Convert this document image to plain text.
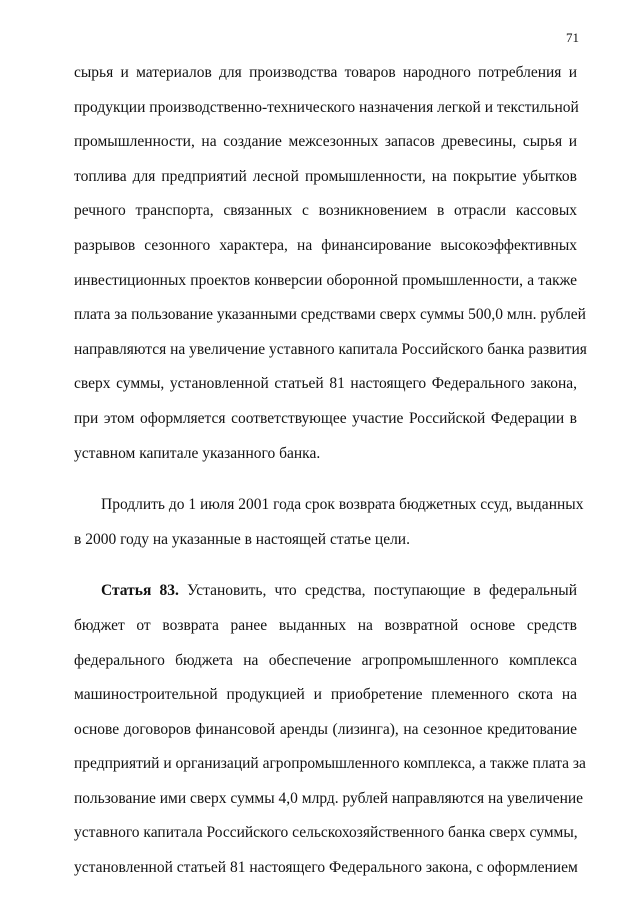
71

сырья и материалов для производства товаров народного потребления и
продукции производственно-технического назначения легкой и текстильной
промышленности, на создание межсезонных запасов древесины, сырья и
топлива для предприятий лесной промышленности, на покрытие убытков
речного транспорта, связанных с возникновением в отрасли кассовых
разрывов сезонного характера, на финансирование высокоэффективных
инвестиционных проектов конверсии оборонной промышленности, а также
плата за пользование указанными средствами сверх суммы 500,0 млн. рублей
направляются на увеличение уставного капитала Российского банка развития
сверх суммы, установленной статьей 81 настоящего Федерального закона,
при этом оформляется соответствующее участие Российской Федерации в
уставном капитале указанного банка.

Продлить до 1 июля 2001 года срок возврата бюджетных ссуд, выданных
в 2000 году на указанные в настоящей статье цели.

Статья 83. Установить, что средства, поступающие в федеральный
бюджет от возврата ранее выданных на возвратной основе средств
федерального бюджета на обеспечение агропромышленного комплекса
машиностроительной продукцией и приобретение племенного скота на
основе договоров финансовой аренды (лизинга), на сезонное кредитование
предприятий и организаций агропромышленного комплекса, а также плата за
пользование ими сверх суммы 4,0 млрд. рублей направляются на увеличение
уставного капитала Российского сельскохозяйственного банка сверх суммы,
установленной статьей 81 настоящего Федерального закона, с оформлением
